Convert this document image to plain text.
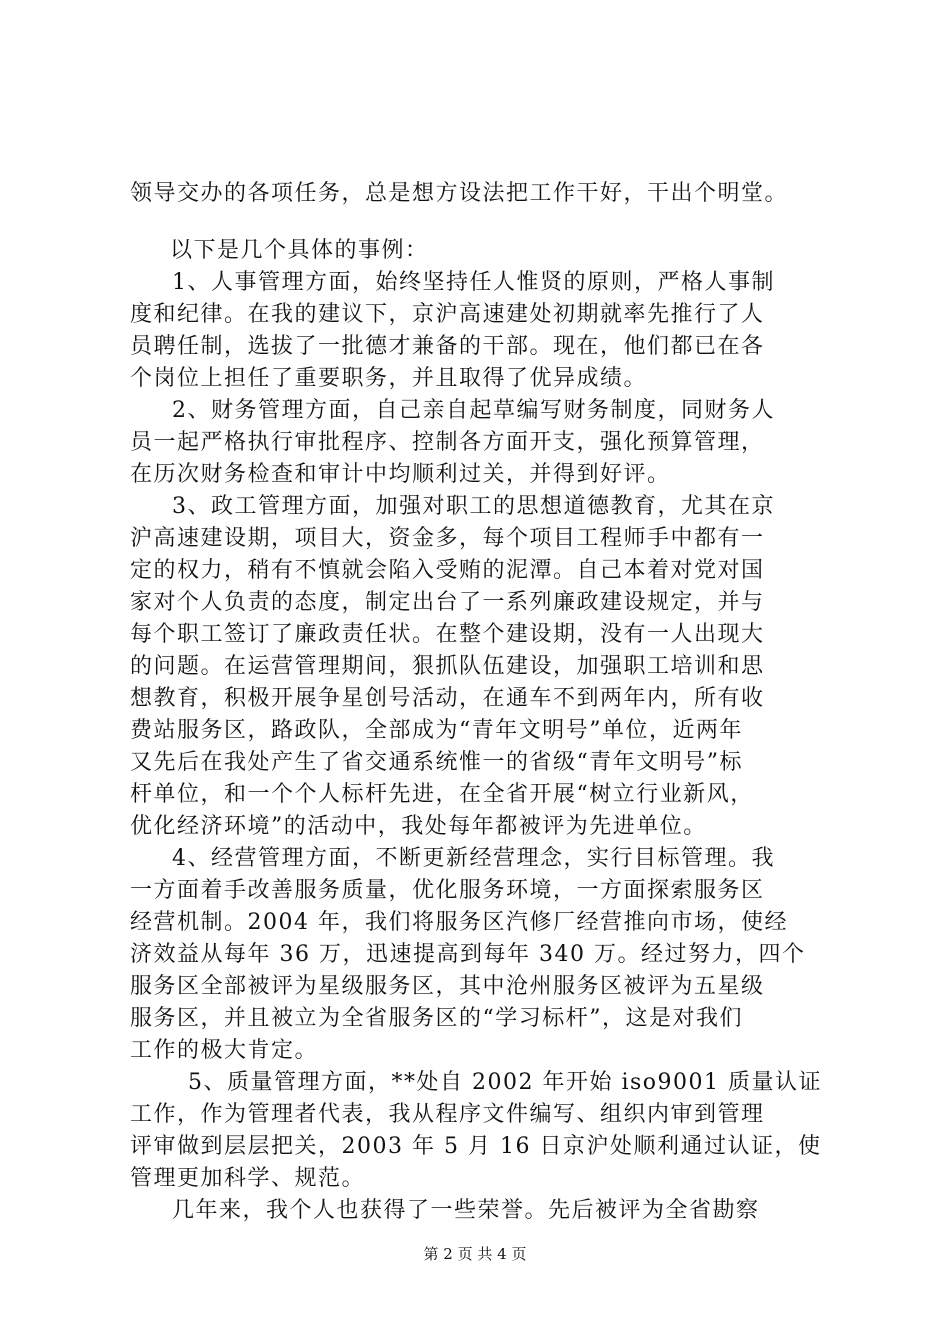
领导交办的各项任务，总是想方设法把工作干好，干出个明堂。
以下是几个具体的事例：
1、人事管理方面，始终坚持任人惟贤的原则，严格人事制
度和纪律。在我的建议下，京沪高速建处初期就率先推行了人
员聘任制，选拔了一批德才兼备的干部。现在，他们都已在各
个岗位上担任了重要职务，并且取得了优异成绩。
2、财务管理方面，自己亲自起草编写财务制度，同财务人
员一起严格执行审批程序、控制各方面开支，强化预算管理，
在历次财务检查和审计中均顺利过关，并得到好评。
3、政工管理方面，加强对职工的思想道德教育，尤其在京
沪高速建设期，项目大，资金多，每个项目工程师手中都有一
定的权力，稍有不慎就会陷入受贿的泥潭。自己本着对党对国
家对个人负责的态度，制定出台了一系列廉政建设规定，并与
每个职工签订了廉政责任状。在整个建设期，没有一人出现大
的问题。在运营管理期间，狠抓队伍建设，加强职工培训和思
想教育，积极开展争星创号活动，在通车不到两年内，所有收
费站服务区，路政队，全部成为“青年文明号”单位，近两年
又先后在我处产生了省交通系统惟一的省级“青年文明号”标
杆单位，和一个个人标杆先进，在全省开展“树立行业新风，
优化经济环境”的活动中，我处每年都被评为先进单位。
4、经营管理方面，不断更新经营理念，实行目标管理。我
一方面着手改善服务质量，优化服务环境，一方面探索服务区
经营机制。2004 年，我们将服务区汽修厂经营推向市场，使经
济效益从每年 36 万，迅速提高到每年 340 万。经过努力，四个
服务区全部被评为星级服务区，其中沧州服务区被评为五星级
服务区，并且被立为全省服务区的“学习标杆”，这是对我们
工作的极大肯定。
5、质量管理方面，**处自 2002 年开始 iso9001 质量认证
工作，作为管理者代表，我从程序文件编写、组织内审到管理
评审做到层层把关，2003 年 5 月 16 日京沪处顺利通过认证，使
管理更加科学、规范。
几年来，我个人也获得了一些荣誉。先后被评为全省勘察
第 2 页 共 4 页
